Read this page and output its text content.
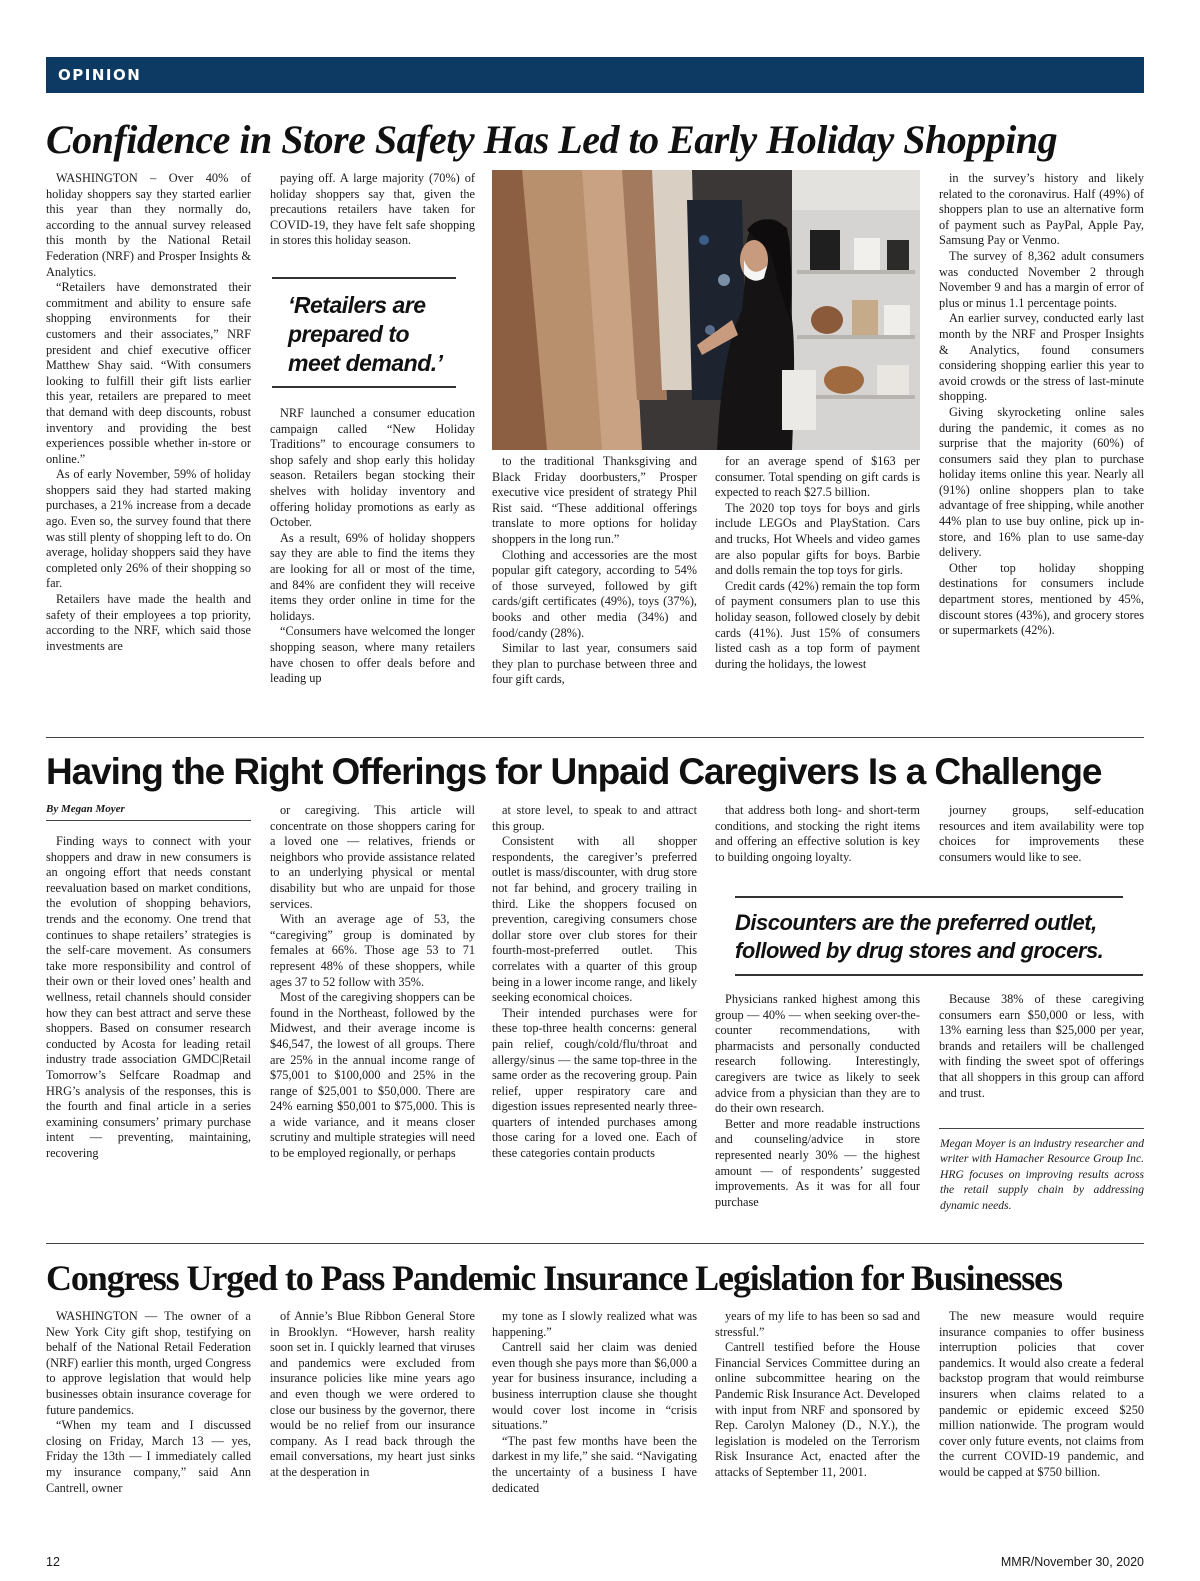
OPINION
Confidence in Store Safety Has Led to Early Holiday Shopping

WASHINGTON – Over 40% of holiday shoppers say they started earlier this year than they normally do, according to the annual survey released this month by the National Retail Federation (NRF) and Prosper Insights & Analytics.

“Retailers have demonstrated their commitment and ability to ensure safe shopping environments for their customers and their associates,” NRF president and chief executive officer Matthew Shay said. “With consumers looking to fulfill their gift lists earlier this year, retailers are prepared to meet that demand with deep discounts, robust inventory and providing the best experiences possible whether in-store or online.”

As of early November, 59% of holiday shoppers said they had started making purchases, a 21% increase from a decade ago. Even so, the survey found that there was still plenty of shopping left to do. On average, holiday shoppers said they have completed only 26% of their shopping so far.

Retailers have made the health and safety of their employees a top priority, according to the NRF, which said those investments are

paying off. A large majority (70%) of holiday shoppers say that, given the precautions retailers have taken for COVID-19, they have felt safe shopping in stores this holiday season.

‘Retailers are prepared to meet demand.’

NRF launched a consumer education campaign called “New Holiday Traditions” to encourage consumers to shop safely and shop early this holiday season. Retailers began stocking their shelves with holiday inventory and offering holiday promotions as early as October.

As a result, 69% of holiday shoppers say they are able to find the items they are looking for all or most of the time, and 84% are confident they will receive items they order online in time for the holidays.

“Consumers have welcomed the longer shopping season, where many retailers have chosen to offer deals before and leading up

to the traditional Thanksgiving and Black Friday doorbusters,” Prosper executive vice president of strategy Phil Rist said. “These additional offerings translate to more options for holiday shoppers in the long run.”

Clothing and accessories are the most popular gift category, according to 54% of those surveyed, followed by gift cards/gift certificates (49%), toys (37%), books and other media (34%) and food/candy (28%).

Similar to last year, consumers said they plan to purchase between three and four gift cards,

for an average spend of $163 per consumer. Total spending on gift cards is expected to reach $27.5 billion.

The 2020 top toys for boys and girls include LEGOs and PlayStation. Cars and trucks, Hot Wheels and video games are also popular gifts for boys. Barbie and dolls remain the top toys for girls.

Credit cards (42%) remain the top form of payment consumers plan to use this holiday season, followed closely by debit cards (41%). Just 15% of consumers listed cash as a top form of payment during the holidays, the lowest

in the survey’s history and likely related to the coronavirus. Half (49%) of shoppers plan to use an alternative form of payment such as PayPal, Apple Pay, Samsung Pay or Venmo.

The survey of 8,362 adult consumers was conducted November 2 through November 9 and has a margin of error of plus or minus 1.1 percentage points.

An earlier survey, conducted early last month by the NRF and Prosper Insights & Analytics, found consumers considering shopping earlier this year to avoid crowds or the stress of last-minute shopping.

Giving skyrocketing online sales during the pandemic, it comes as no surprise that the majority (60%) of consumers said they plan to purchase holiday items online this year. Nearly all (91%) online shoppers plan to take advantage of free shipping, while another 44% plan to use buy online, pick up in-store, and 16% plan to use same-day delivery.

Other top holiday shopping destinations for consumers include department stores, mentioned by 45%, discount stores (43%), and grocery stores or supermarkets (42%).

Having the Right Offerings for Unpaid Caregivers Is a Challenge
By Megan Moyer

Finding ways to connect with your shoppers and draw in new consumers is an ongoing effort that needs constant reevaluation based on market conditions, the evolution of shopping behaviors, trends and the economy. One trend that continues to shape retailers’ strategies is the self-care movement. As consumers take more responsibility and control of their own or their loved ones’ health and wellness, retail channels should consider how they can best attract and serve these shoppers. Based on consumer research conducted by Acosta for leading retail industry trade association GMDC|Retail Tomorrow’s Selfcare Roadmap and HRG’s analysis of the responses, this is the fourth and final article in a series examining consumers’ primary purchase intent — preventing, maintaining, recovering

or caregiving. This article will concentrate on those shoppers caring for a loved one — relatives, friends or neighbors who provide assistance related to an underlying physical or mental disability but who are unpaid for those services.

With an average age of 53, the “caregiving” group is dominated by females at 66%. Those age 53 to 71 represent 48% of these shoppers, while ages 37 to 52 follow with 35%.

Most of the caregiving shoppers can be found in the Northeast, followed by the Midwest, and their average income is $46,547, the lowest of all groups. There are 25% in the annual income range of $75,001 to $100,000 and 25% in the range of $25,001 to $50,000. There are 24% earning $50,001 to $75,000. This is a wide variance, and it means closer scrutiny and multiple strategies will need to be employed regionally, or perhaps

at store level, to speak to and attract this group.

Consistent with all shopper respondents, the caregiver’s preferred outlet is mass/discounter, with drug store not far behind, and grocery trailing in third. Like the shoppers focused on prevention, caregiving consumers chose dollar store over club stores for their fourth-most-preferred outlet. This correlates with a quarter of this group being in a lower income range, and likely seeking economical choices.

Their intended purchases were for these top-three health concerns: general pain relief, cough/cold/flu/throat and allergy/sinus — the same top-three in the same order as the recovering group. Pain relief, upper respiratory care and digestion issues represented nearly three-quarters of intended purchases among those caring for a loved one. Each of these categories contain products

that address both long- and short-term conditions, and stocking the right items and offering an effective solution is key to building ongoing loyalty.

journey groups, self-education resources and item availability were top choices for improvements these consumers would like to see.

Discounters are the preferred outlet, followed by drug stores and grocers.

Physicians ranked highest among this group — 40% — when seeking over-the-counter recommendations, with pharmacists and personally conducted research following. Interestingly, caregivers are twice as likely to seek advice from a physician than they are to do their own research.

Better and more readable instructions and counseling/advice in store represented nearly 30% — the highest amount — of respondents’ suggested improvements. As it was for all four purchase

Because 38% of these caregiving consumers earn $50,000 or less, with 13% earning less than $25,000 per year, brands and retailers will be challenged with finding the sweet spot of offerings that all shoppers in this group can afford and trust.

Megan Moyer is an industry researcher and writer with Hamacher Resource Group Inc. HRG focuses on improving results across the retail supply chain by addressing dynamic needs.
Congress Urged to Pass Pandemic Insurance Legislation for Businesses

WASHINGTON — The owner of a New York City gift shop, testifying on behalf of the National Retail Federation (NRF) earlier this month, urged Congress to approve legislation that would help businesses obtain insurance coverage for future pandemics.

“When my team and I discussed closing on Friday, March 13 — yes, Friday the 13th — I immediately called my insurance company,” said Ann Cantrell, owner

of Annie’s Blue Ribbon General Store in Brooklyn. “However, harsh reality soon set in. I quickly learned that viruses and pandemics were excluded from insurance policies like mine years ago and even though we were ordered to close our business by the governor, there would be no relief from our insurance company. As I read back through the email conversations, my heart just sinks at the desperation in

my tone as I slowly realized what was happening.”

Cantrell said her claim was denied even though she pays more than $6,000 a year for business insurance, including a business interruption clause she thought would cover lost income in “crisis situations.”

“The past few months have been the darkest in my life,” she said. “Navigating the uncertainty of a business I have dedicated

years of my life to has been so sad and stressful.”

Cantrell testified before the House Financial Services Committee during an online subcommittee hearing on the Pandemic Risk Insurance Act. Developed with input from NRF and sponsored by Rep. Carolyn Maloney (D., N.Y.), the legislation is modeled on the Terrorism Risk Insurance Act, enacted after the attacks of September 11, 2001.

The new measure would require insurance companies to offer business interruption policies that cover pandemics. It would also create a federal backstop program that would reimburse insurers when claims related to a pandemic or epidemic exceed $250 million nationwide. The program would cover only future events, not claims from the current COVID-19 pandemic, and would be capped at $750 billion.

12	MMR/November 30, 2020
